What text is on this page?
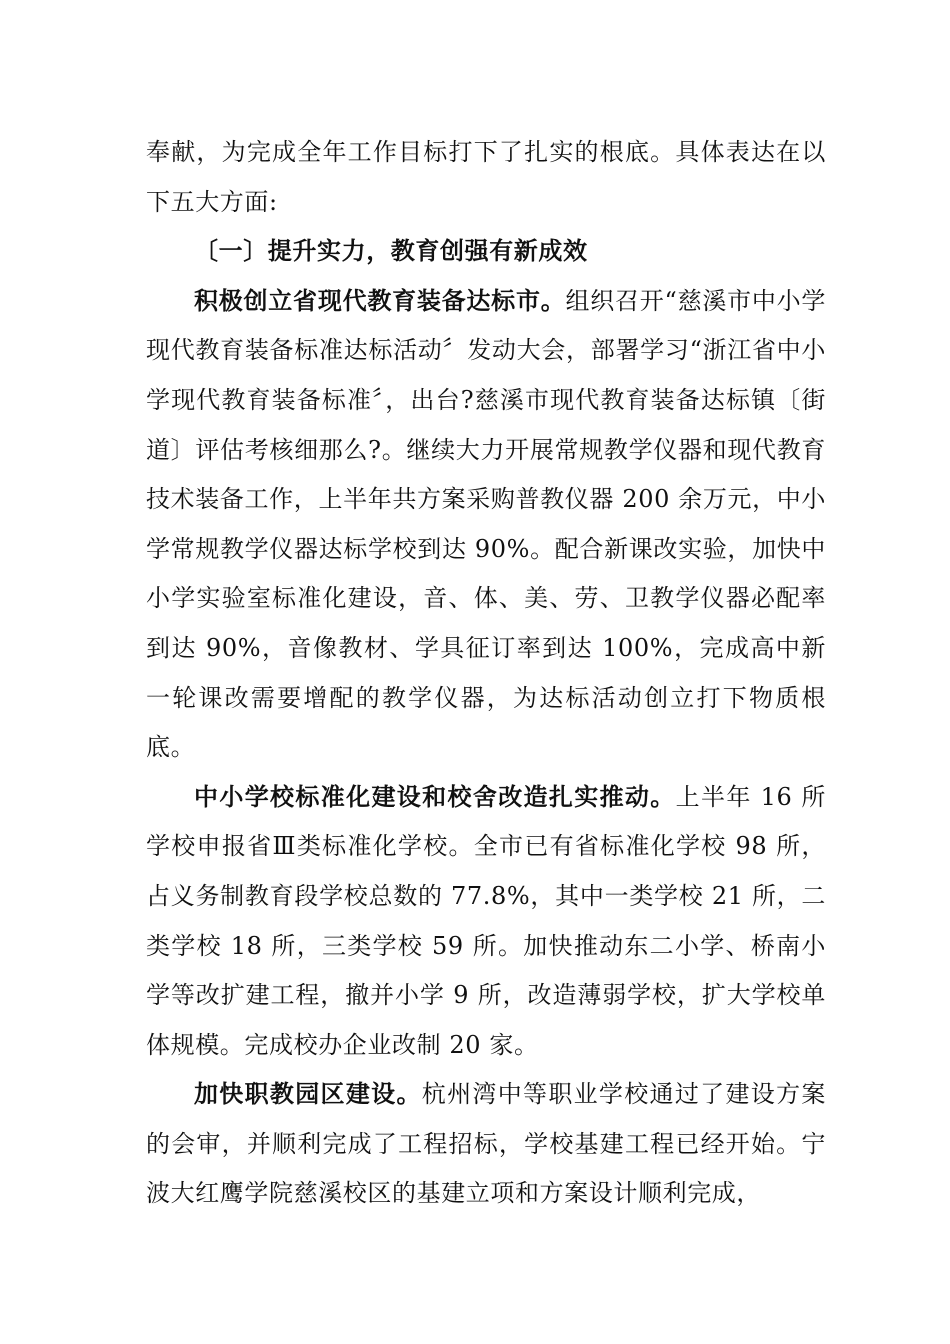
奉献，为完成全年工作目标打下了扎实的根底。具体表达在以下五大方面:

〔一〕提升实力，教育创强有新成效

积极创立省现代教育装备达标市。组织召开“慈溪市中小学现代教育装备标准达标活动〞发动大会，部署学习“浙江省中小学现代教育装备标准〞，出台?慈溪市现代教育装备达标镇〔街道〕评估考核细那么?。继续大力开展常规教学仪器和现代教育技术装备工作，上半年共方案采购普教仪器 200 余万元，中小学常规教学仪器达标学校到达 90%。配合新课改实验，加快中小学实验室标准化建设，音、体、美、劳、卫教学仪器必配率到达 90%，音像教材、学具征订率到达 100%，完成高中新一轮课改需要增配的教学仪器，为达标活动创立打下物质根底。

中小学校标准化建设和校舍改造扎实推动。上半年 16 所学校申报省Ⅲ类标准化学校。全市已有省标准化学校 98 所，占义务制教育段学校总数的 77.8%，其中一类学校 21 所，二类学校 18 所，三类学校 59 所。加快推动东二小学、桥南小学等改扩建工程，撤并小学 9 所，改造薄弱学校，扩大学校单体规模。完成校办企业改制 20 家。

加快职教园区建设。杭州湾中等职业学校通过了建设方案的会审，并顺利完成了工程招标，学校基建工程已经开始。宁波大红鹰学院慈溪校区的基建立项和方案设计顺利完成，
